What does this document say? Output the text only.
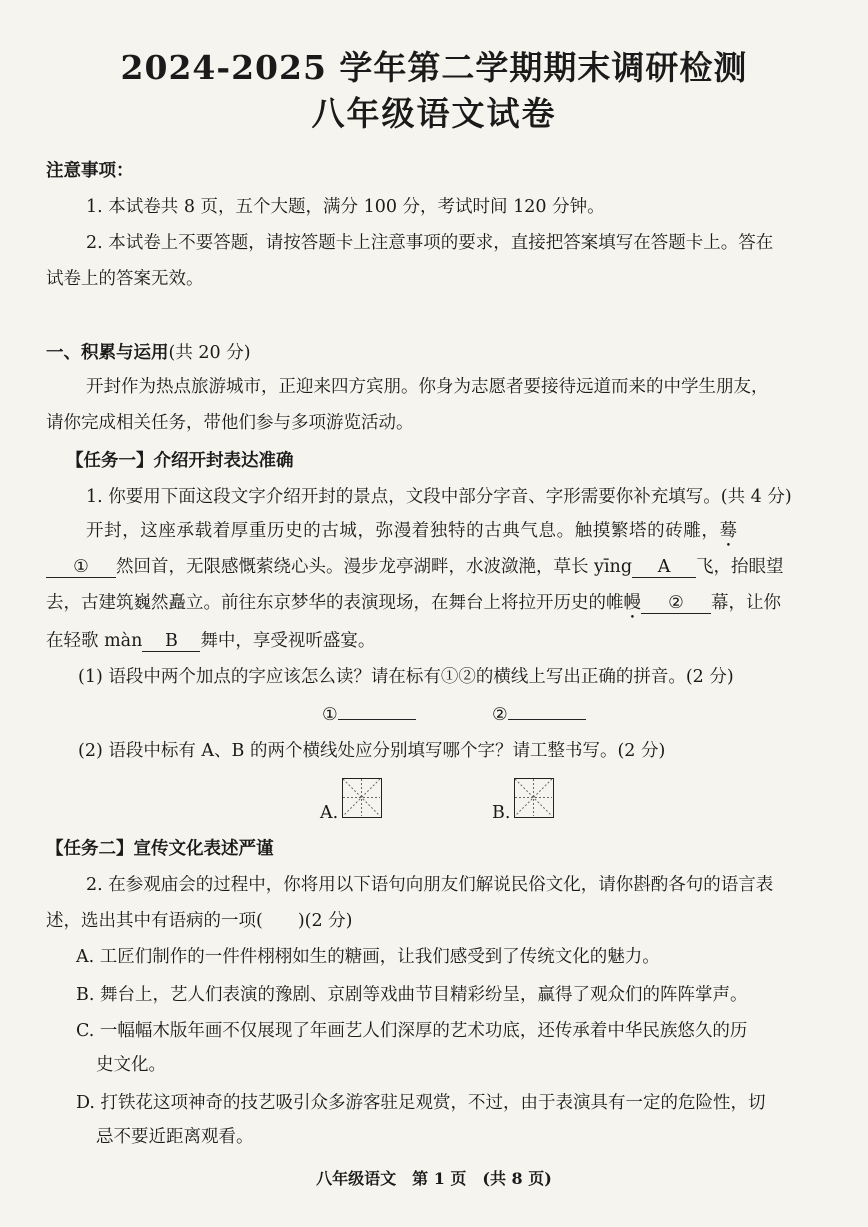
2024-2025 学年第二学期期末调研检测
八年级语文试卷
注意事项：
1. 本试卷共 8 页，五个大题，满分 100 分，考试时间 120 分钟。
2. 本试卷上不要答题，请按答题卡上注意事项的要求，直接把答案填写在答题卡上。答在
试卷上的答案无效。
一、积累与运用(共 20 分)
开封作为热点旅游城市，正迎来四方宾朋。你身为志愿者要接待远道而来的中学生朋友，
请你完成相关任务，带他们参与多项游览活动。
【任务一】介绍开封表达准确
1. 你要用下面这段文字介绍开封的景点，文段中部分字音、字形需要你补充填写。(共 4 分)
开封，这座承载着厚重历史的古城，弥漫着独特的古典气息。触摸繁塔的砖雕，蓦
① 然回首，无限感慨萦绕心头。漫步龙亭湖畔，水波潋滟，草长 yīng A 飞，抬眼望
去，古建筑巍然矗立。前往东京梦华的表演现场，在舞台上将拉开历史的帷幔 ② 幕，让你
在轻歌 màn B 舞中，享受视听盛宴。
(1) 语段中两个加点的字应该怎么读？请在标有①②的横线上写出正确的拼音。(2 分)
①	②
(2) 语段中标有 A、B 的两个横线处应分别填写哪个字？请工整书写。(2 分)
A.	B.
【任务二】宣传文化表述严谨
2. 在参观庙会的过程中，你将用以下语句向朋友们解说民俗文化，请你斟酌各句的语言表
述，选出其中有语病的一项(　　)(2 分)
A. 工匠们制作的一件件栩栩如生的糖画，让我们感受到了传统文化的魅力。
B. 舞台上，艺人们表演的豫剧、京剧等戏曲节目精彩纷呈，赢得了观众们的阵阵掌声。
C. 一幅幅木版年画不仅展现了年画艺人们深厚的艺术功底，还传承着中华民族悠久的历
史文化。
D. 打铁花这项神奇的技艺吸引众多游客驻足观赏，不过，由于表演具有一定的危险性，切
忌不要近距离观看。
八年级语文　第 1 页　(共 8 页)
